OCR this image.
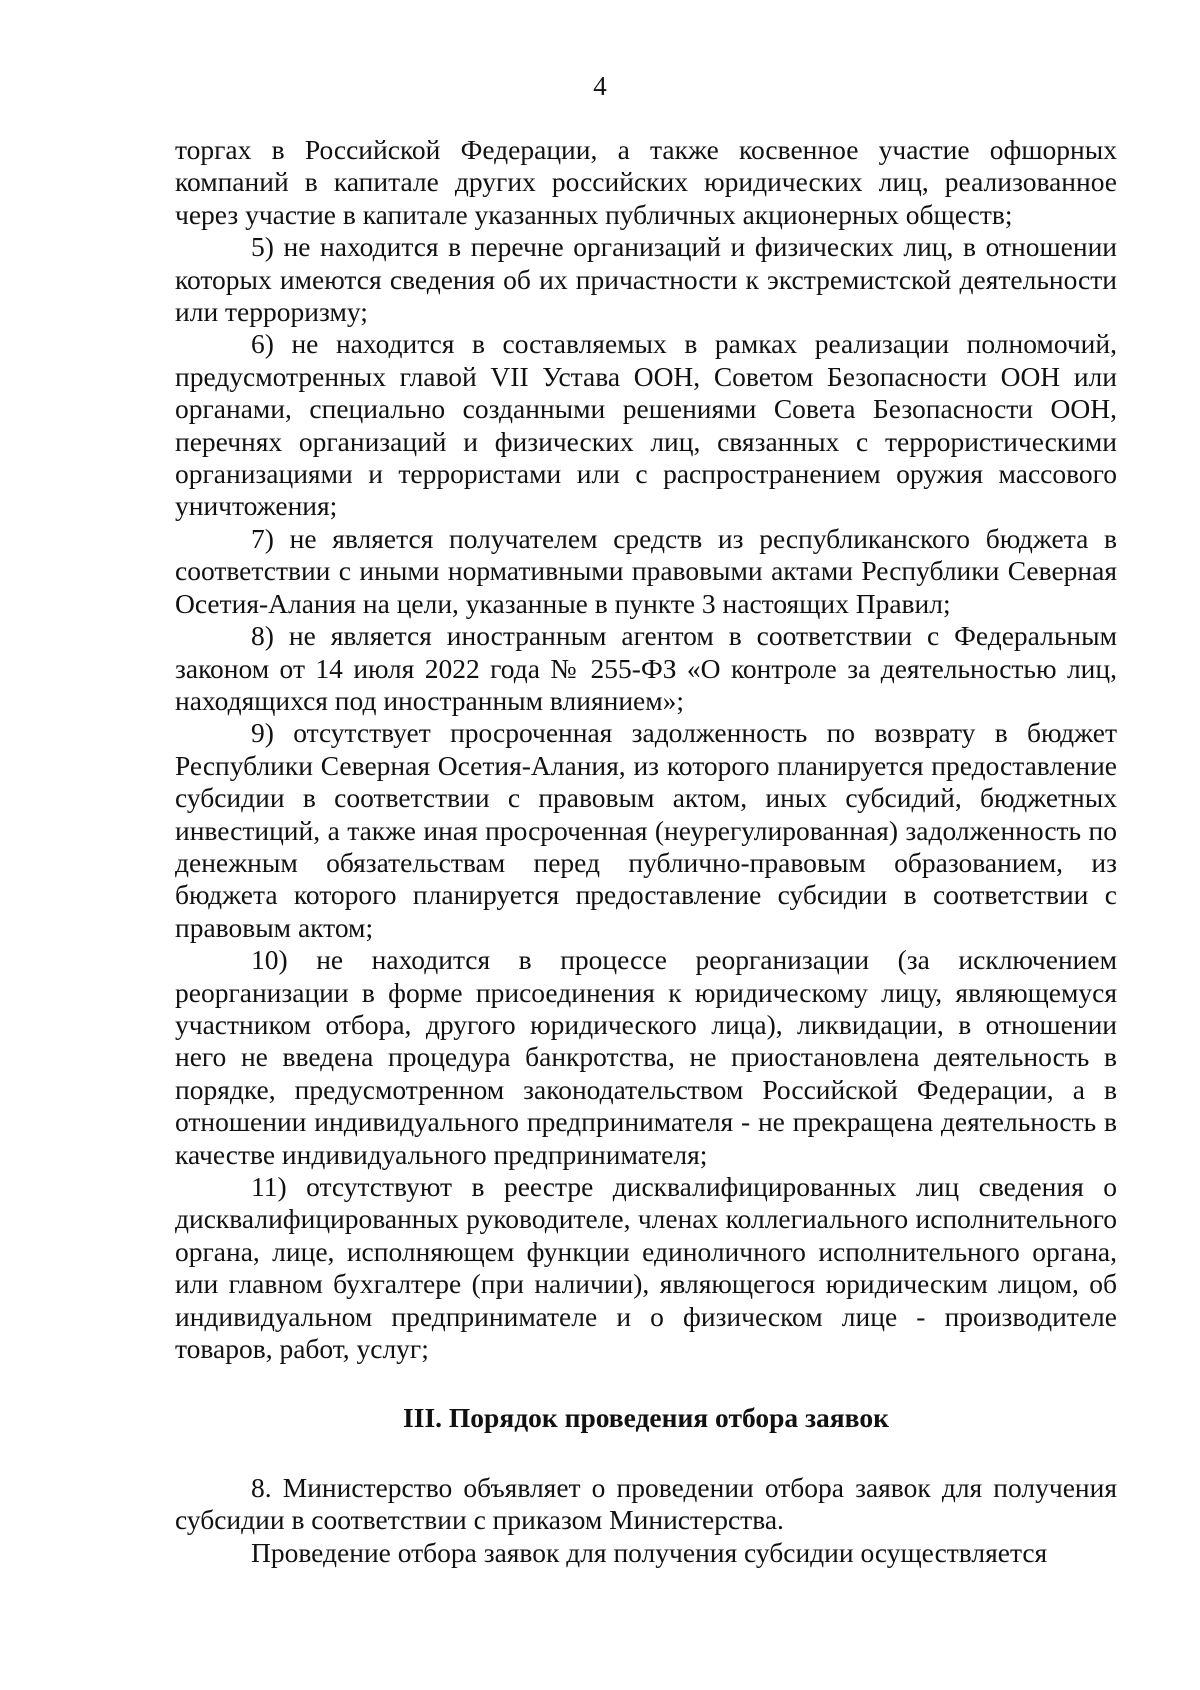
4

торгах в Российской Федерации, а также косвенное участие офшорных компаний в капитале других российских юридических лиц, реализованное через участие в капитале указанных публичных акционерных обществ;

5) не находится в перечне организаций и физических лиц, в отношении которых имеются сведения об их причастности к экстремистской деятельности или терроризму;

6) не находится в составляемых в рамках реализации полномочий, предусмотренных главой VII Устава ООН, Советом Безопасности ООН или органами, специально созданными решениями Совета Безопасности ООН, перечнях организаций и физических лиц, связанных с террористическими организациями и террористами или с распространением оружия массового уничтожения;

7) не является получателем средств из республиканского бюджета в соответствии с иными нормативными правовыми актами Республики Северная Осетия-Алания на цели, указанные в пункте 3 настоящих Правил;

8) не является иностранным агентом в соответствии с Федеральным законом от 14 июля 2022 года № 255-ФЗ «О контроле за деятельностью лиц, находящихся под иностранным влиянием»;

9) отсутствует просроченная задолженность по возврату в бюджет Республики Северная Осетия-Алания, из которого планируется предоставление субсидии в соответствии с правовым актом, иных субсидий, бюджетных инвестиций, а также иная просроченная (неурегулированная) задолженность по денежным обязательствам перед публично-правовым образованием, из бюджета которого планируется предоставление субсидии в соответствии с правовым актом;

10) не находится в процессе реорганизации (за исключением реорганизации в форме присоединения к юридическому лицу, являющемуся участником отбора, другого юридического лица), ликвидации, в отношении него не введена процедура банкротства, не приостановлена деятельность в порядке, предусмотренном законодательством Российской Федерации, а в отношении индивидуального предпринимателя - не прекращена деятельность в качестве индивидуального предпринимателя;

11) отсутствуют в реестре дисквалифицированных лиц сведения о дисквалифицированных руководителе, членах коллегиального исполнительного органа, лице, исполняющем функции единоличного исполнительного органа, или главном бухгалтере (при наличии), являющегося юридическим лицом, об индивидуальном предпринимателе и о физическом лице - производителе товаров, работ, услуг;

III. Порядок проведения отбора заявок

8. Министерство объявляет о проведении отбора заявок для получения субсидии в соответствии с приказом Министерства.

Проведение отбора заявок для получения субсидии осуществляется
